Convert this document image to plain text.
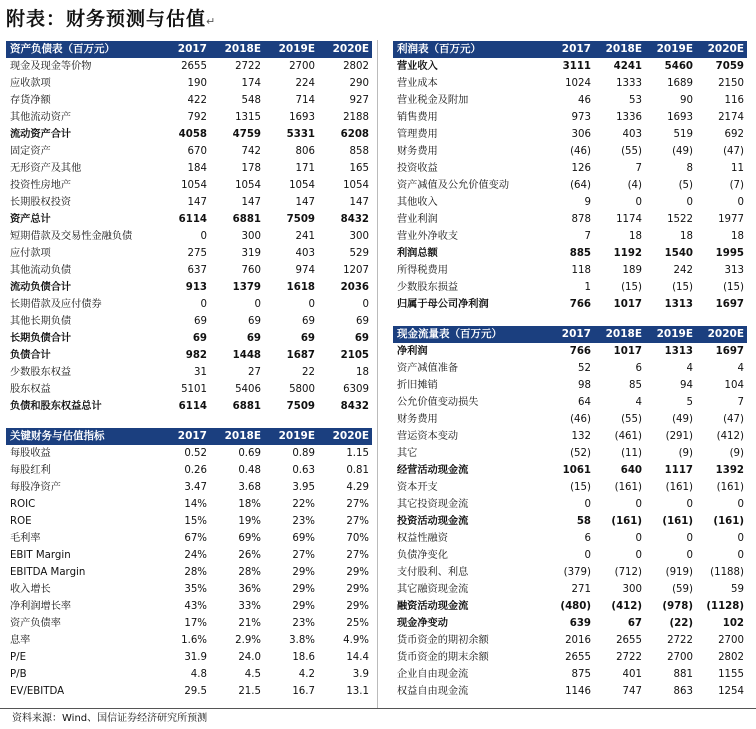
附表：财务预测与估值↵
资产负债表（百万元）	2017	2018E	2019E	2020E
现金及现金等价物	2655	2722	2700	2802
应收款项	190	174	224	290
存货净额	422	548	714	927
其他流动资产	792	1315	1693	2188
流动资产合计	4058	4759	5331	6208
固定资产	670	742	806	858
无形资产及其他	184	178	171	165
投资性房地产	1054	1054	1054	1054
长期股权投资	147	147	147	147
资产总计	6114	6881	7509	8432
短期借款及交易性金融负债	0	300	241	300
应付款项	275	319	403	529
其他流动负债	637	760	974	1207
流动负债合计	913	1379	1618	2036
长期借款及应付债券	0	0	0	0
其他长期负债	69	69	69	69
长期负债合计	69	69	69	69
负债合计	982	1448	1687	2105
少数股东权益	31	27	22	18
股东权益	5101	5406	5800	6309
负债和股东权益总计	6114	6881	7509	8432
关键财务与估值指标	2017	2018E	2019E	2020E
每股收益	0.52	0.69	0.89	1.15
每股红利	0.26	0.48	0.63	0.81
每股净资产	3.47	3.68	3.95	4.29
ROIC	14%	18%	22%	27%
ROE	15%	19%	23%	27%
毛利率	67%	69%	69%	70%
EBIT Margin	24%	26%	27%	27%
EBITDA Margin	28%	28%	29%	29%
收入增长	35%	36%	29%	29%
净利润增长率	43%	33%	29%	29%
资产负债率	17%	21%	23%	25%
息率	1.6%	2.9%	3.8%	4.9%
P/E	31.9	24.0	18.6	14.4
P/B	4.8	4.5	4.2	3.9
EV/EBITDA	29.5	21.5	16.7	13.1
利润表（百万元）	2017	2018E	2019E	2020E
营业收入	3111	4241	5460	7059
营业成本	1024	1333	1689	2150
营业税金及附加	46	53	90	116
销售费用	973	1336	1693	2174
管理费用	306	403	519	692
财务费用	(46)	(55)	(49)	(47)
投资收益	126	7	8	11
资产减值及公允价值变动	(64)	(4)	(5)	(7)
其他收入	9	0	0	0
营业利润	878	1174	1522	1977
营业外净收支	7	18	18	18
利润总额	885	1192	1540	1995
所得税费用	118	189	242	313
少数股东损益	1	(15)	(15)	(15)
归属于母公司净利润	766	1017	1313	1697
现金流量表（百万元）	2017	2018E	2019E	2020E
净利润	766	1017	1313	1697
资产减值准备	52	6	4	4
折旧摊销	98	85	94	104
公允价值变动损失	64	4	5	7
财务费用	(46)	(55)	(49)	(47)
营运资本变动	132	(461)	(291)	(412)
其它	(52)	(11)	(9)	(9)
经营活动现金流	1061	640	1117	1392
资本开支	(15)	(161)	(161)	(161)
其它投资现金流	0	0	0	0
投资活动现金流	58	(161)	(161)	(161)
权益性融资	6	0	0	0
负债净变化	0	0	0	0
支付股利、利息	(379)	(712)	(919)	(1188)
其它融资现金流	271	300	(59)	59
融资活动现金流	(480)	(412)	(978)	(1128)
现金净变动	639	67	(22)	102
货币资金的期初余额	2016	2655	2722	2700
货币资金的期末余额	2655	2722	2700	2802
企业自由现金流	875	401	881	1155
权益自由现金流	1146	747	863	1254
资料来源：Wind、国信证券经济研究所预测
